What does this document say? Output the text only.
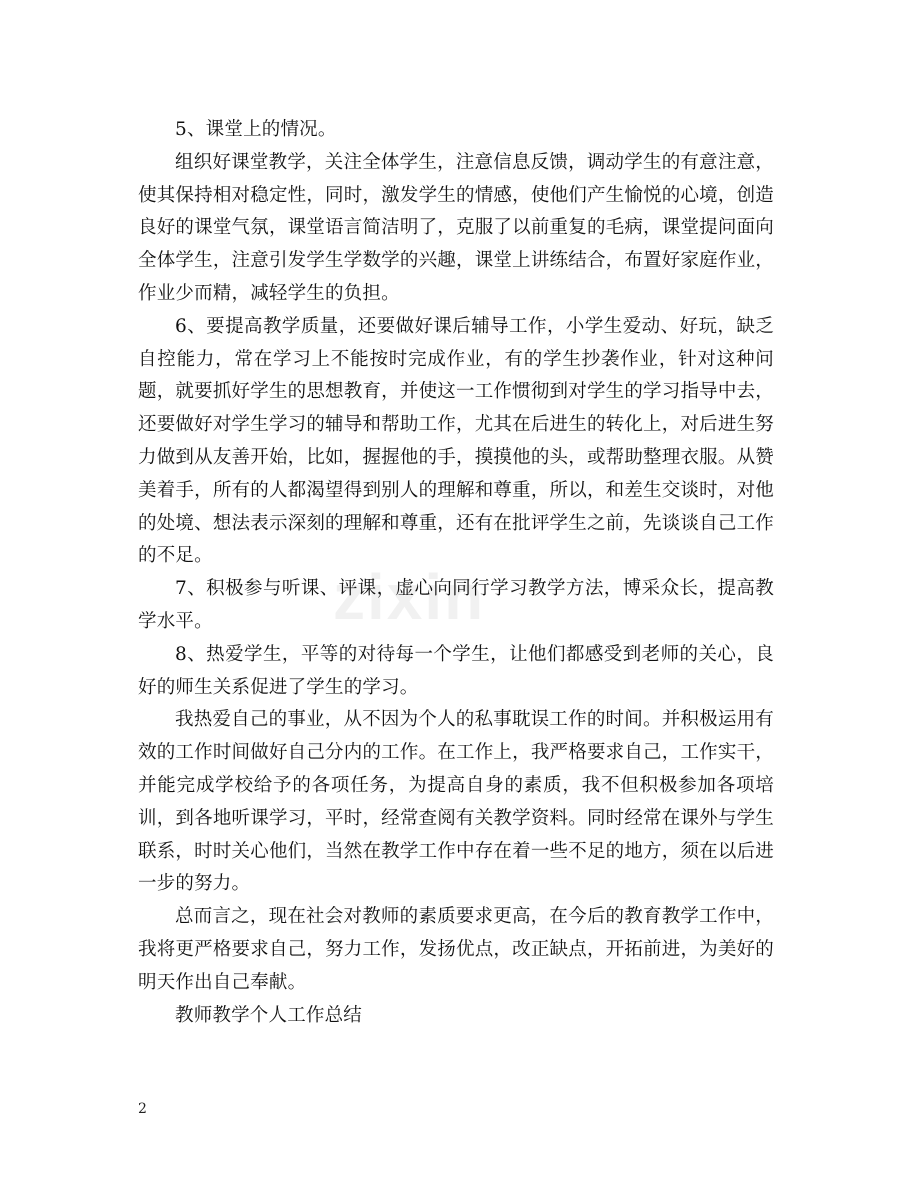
zixin

5、课堂上的情况。

组织好课堂教学，关注全体学生，注意信息反馈，调动学生的有意注意，使其保持相对稳定性，同时，激发学生的情感，使他们产生愉悦的心境，创造良好的课堂气氛，课堂语言简洁明了，克服了以前重复的毛病，课堂提问面向全体学生，注意引发学生学数学的兴趣，课堂上讲练结合，布置好家庭作业，作业少而精，减轻学生的负担。

6、要提高教学质量，还要做好课后辅导工作，小学生爱动、好玩，缺乏自控能力，常在学习上不能按时完成作业，有的学生抄袭作业，针对这种问题，就要抓好学生的思想教育，并使这一工作惯彻到对学生的学习指导中去，还要做好对学生学习的辅导和帮助工作，尤其在后进生的转化上，对后进生努力做到从友善开始，比如，握握他的手，摸摸他的头，或帮助整理衣服。从赞美着手，所有的人都渴望得到别人的理解和尊重，所以，和差生交谈时，对他的处境、想法表示深刻的理解和尊重，还有在批评学生之前，先谈谈自己工作的不足。

7、积极参与听课、评课，虚心向同行学习教学方法，博采众长，提高教学水平。

8、热爱学生，平等的对待每一个学生，让他们都感受到老师的关心，良好的师生关系促进了学生的学习。

我热爱自己的事业，从不因为个人的私事耽误工作的时间。并积极运用有效的工作时间做好自己分内的工作。在工作上，我严格要求自己，工作实干，并能完成学校给予的各项任务，为提高自身的素质，我不但积极参加各项培训，到各地听课学习，平时，经常查阅有关教学资料。同时经常在课外与学生联系，时时关心他们，当然在教学工作中存在着一些不足的地方，须在以后进一步的努力。

总而言之，现在社会对教师的素质要求更高，在今后的教育教学工作中，我将更严格要求自己，努力工作，发扬优点，改正缺点，开拓前进，为美好的明天作出自己奉献。

教师教学个人工作总结

2
